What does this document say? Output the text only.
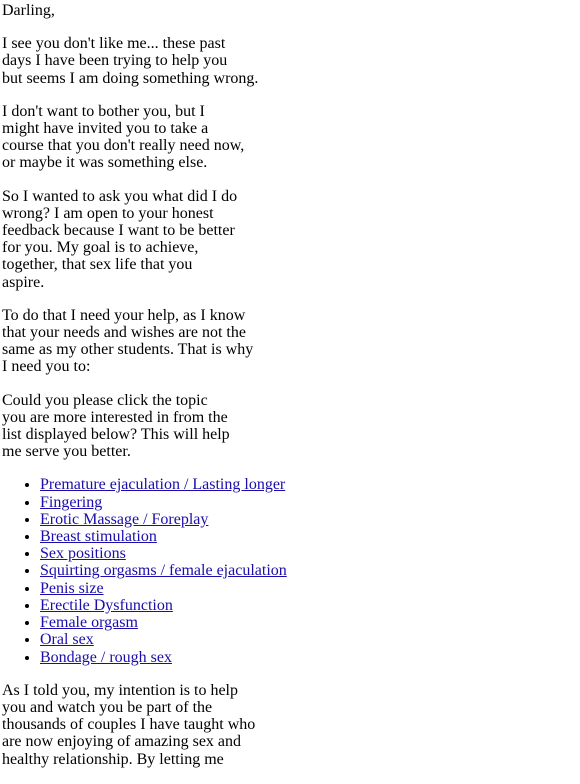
Darling,

I see you don't like me... these past
days I have been trying to help you
but seems I am doing something wrong.

I don't want to bother you, but I
might have invited you to take a
course that you don't really need now,
or maybe it was something else.

So I wanted to ask you what did I do
wrong? I am open to your honest
feedback because I want to be better
for you. My goal is to achieve,
together, that sex life that you
aspire.

To do that I need your help, as I know
that your needs and wishes are not the
same as my other students. That is why
I need you to:

Could you please click the topic
you are more interested in from the
list displayed below? This will help
me serve you better.

• Premature ejaculation / Lasting longer
• Fingering
• Erotic Massage / Foreplay
• Breast stimulation
• Sex positions
• Squirting orgasms / female ejaculation
• Penis size
• Erectile Dysfunction
• Female orgasm
• Oral sex
• Bondage / rough sex

As I told you, my intention is to help
you and watch you be part of the
thousands of couples I have taught who
are now enjoying of amazing sex and
healthy relationship. By letting me
